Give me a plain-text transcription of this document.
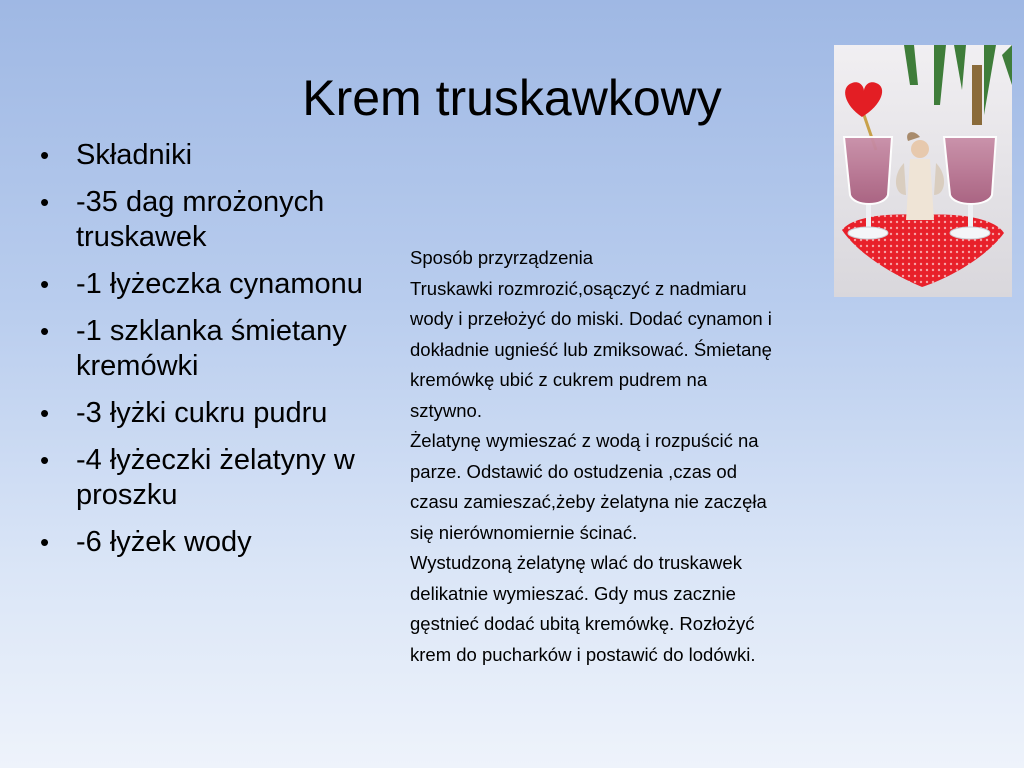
Krem truskawkowy
• Składniki
• -35 dag mrożonych truskawek
• -1 łyżeczka cynamonu
• -1 szklanka śmietany kremówki
• -3 łyżki cukru pudru
• -4 łyżeczki żelatyny w proszku
• -6 łyżek wody

Sposób przyrządzenia

Truskawki rozmrozić,osączyć z nadmiaru

wody i przełożyć do miski. Dodać cynamon i

dokładnie ugnieść lub zmiksować. Śmietanę

kremówkę ubić z cukrem pudrem na

sztywno.

Żelatynę wymieszać z wodą i rozpuścić na

parze. Odstawić do ostudzenia ,czas od

czasu zamieszać,żeby żelatyna nie zaczęła

się nierównomiernie ścinać.

Wystudzoną żelatynę wlać do truskawek

delikatnie wymieszać. Gdy mus zacznie

gęstnieć dodać ubitą kremówkę. Rozłożyć

krem do pucharków i postawić do lodówki.
